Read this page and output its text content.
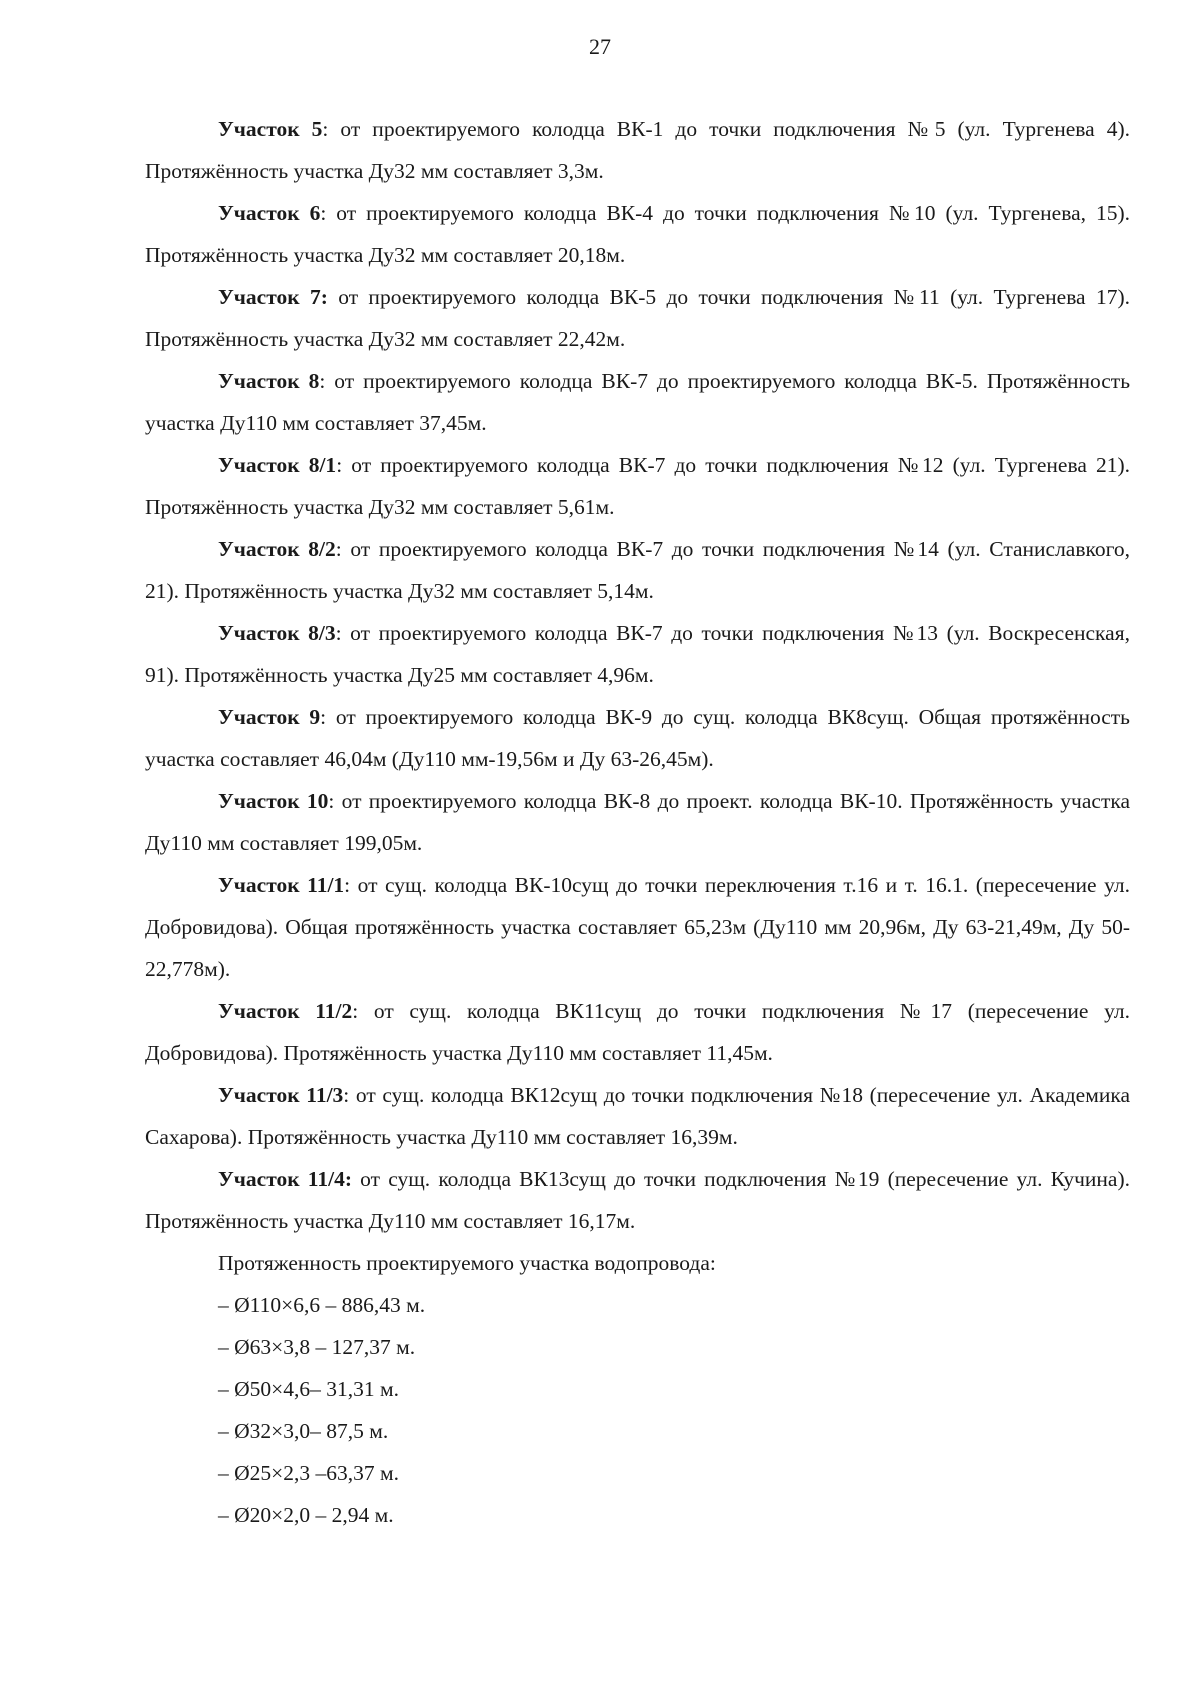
27

Участок 5: от проектируемого колодца ВК-1 до точки подключения №5 (ул. Тургенева 4). Протяжённость участка Ду32 мм составляет 3,3м.

Участок 6: от проектируемого колодца ВК-4 до точки подключения №10 (ул. Тургенева, 15). Протяжённость участка Ду32 мм составляет 20,18м.

Участок 7: от проектируемого колодца ВК-5 до точки подключения №11 (ул. Тургенева 17). Протяжённость участка Ду32 мм составляет 22,42м.

Участок 8: от проектируемого колодца ВК-7 до проектируемого колодца ВК-5. Протяжённость участка Ду110 мм составляет 37,45м.

Участок 8/1: от проектируемого колодца ВК-7 до точки подключения №12 (ул. Тургенева 21). Протяжённость участка Ду32 мм составляет 5,61м.

Участок 8/2: от проектируемого колодца ВК-7 до точки подключения №14 (ул. Станиславкого, 21). Протяжённость участка Ду32 мм составляет 5,14м.

Участок 8/3: от проектируемого колодца ВК-7 до точки подключения №13 (ул. Воскресенская, 91). Протяжённость участка Ду25 мм составляет 4,96м.

Участок 9: от проектируемого колодца ВК-9 до сущ. колодца ВК8сущ. Общая протяжённость участка составляет 46,04м (Ду110 мм-19,56м и Ду 63-26,45м).

Участок 10: от проектируемого колодца ВК-8 до проект. колодца ВК-10. Протяжённость участка Ду110 мм составляет 199,05м.

Участок 11/1: от сущ. колодца ВК-10сущ до точки переключения т.16 и т. 16.1. (пересечение ул. Добровидова). Общая протяжённость участка составляет 65,23м (Ду110 мм 20,96м, Ду 63-21,49м, Ду 50-22,778м).

Участок 11/2: от сущ. колодца ВК11сущ до точки подключения №17 (пересечение ул. Добровидова). Протяжённость участка Ду110 мм составляет 11,45м.

Участок 11/3: от сущ. колодца ВК12сущ до точки подключения №18 (пересечение ул. Академика Сахарова). Протяжённость участка Ду110 мм составляет 16,39м.

Участок 11/4: от сущ. колодца ВК13сущ до точки подключения №19 (пересечение ул. Кучина). Протяжённость участка Ду110 мм составляет 16,17м.

Протяженность проектируемого участка водопровода:

– Ø110×6,6 – 886,43 м.
– Ø63×3,8 – 127,37 м.
– Ø50×4,6– 31,31 м.
– Ø32×3,0– 87,5 м.
– Ø25×2,3 –63,37 м.
– Ø20×2,0 – 2,94 м.
